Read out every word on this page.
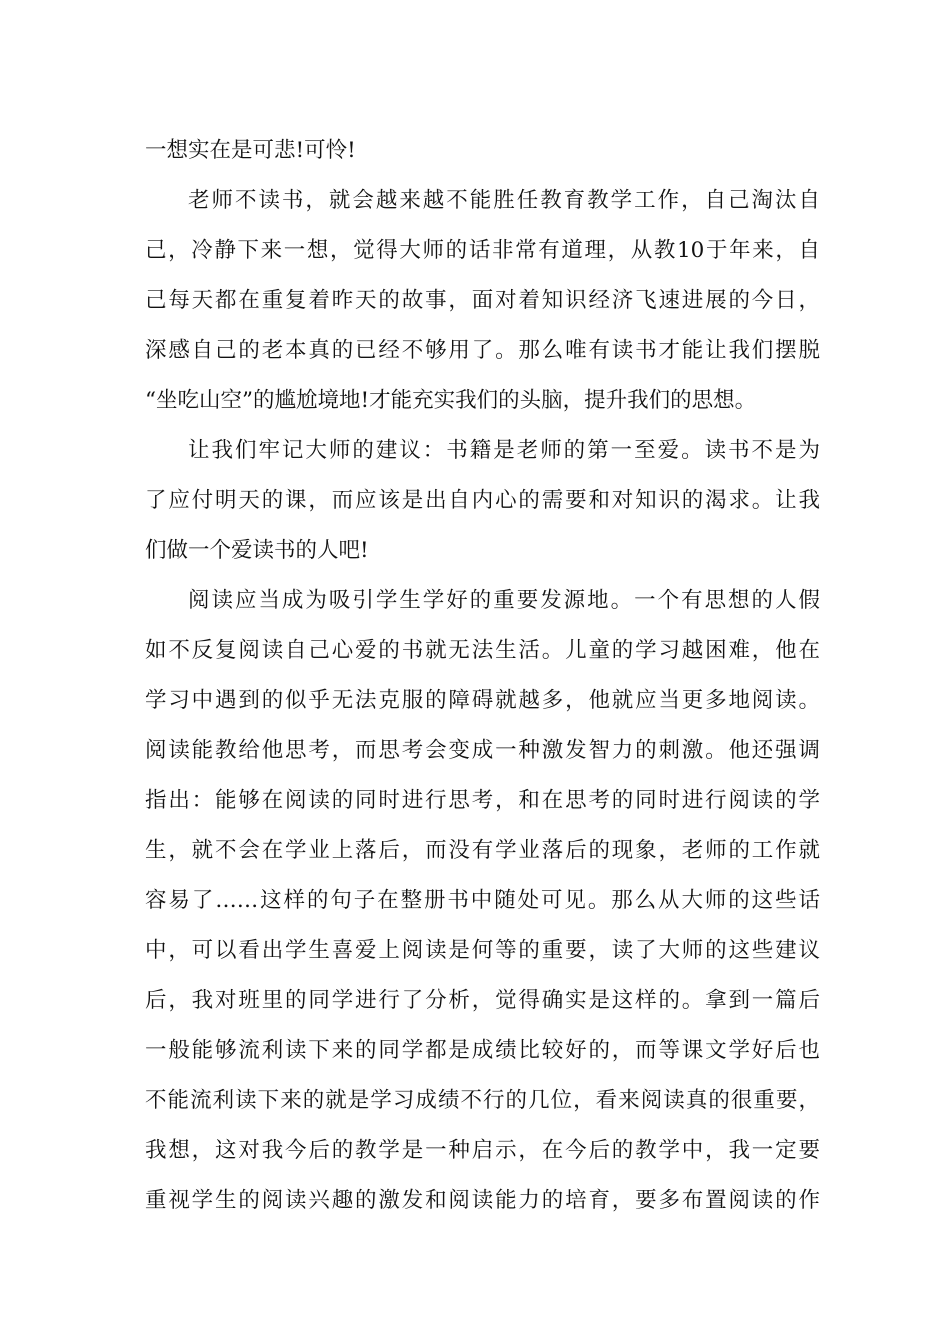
一想实在是可悲!可怜!
老师不读书，就会越来越不能胜任教育教学工作，自己淘汰自
己，冷静下来一想，觉得大师的话非常有道理，从教10于年来，自
己每天都在重复着昨天的故事，面对着知识经济飞速进展的今日，
深感自己的老本真的已经不够用了。那么唯有读书才能让我们摆脱
“坐吃山空”的尴尬境地!才能充实我们的头脑，提升我们的思想。
让我们牢记大师的建议：书籍是老师的第一至爱。读书不是为
了应付明天的课，而应该是出自内心的需要和对知识的渴求。让我
们做一个爱读书的人吧!
阅读应当成为吸引学生学好的重要发源地。一个有思想的人假
如不反复阅读自己心爱的书就无法生活。儿童的学习越困难，他在
学习中遇到的似乎无法克服的障碍就越多，他就应当更多地阅读。
阅读能教给他思考，而思考会变成一种激发智力的刺激。他还强调
指出：能够在阅读的同时进行思考，和在思考的同时进行阅读的学
生，就不会在学业上落后，而没有学业落后的现象，老师的工作就
容易了……这样的句子在整册书中随处可见。那么从大师的这些话
中，可以看出学生喜爱上阅读是何等的重要，读了大师的这些建议
后，我对班里的同学进行了分析，觉得确实是这样的。拿到一篇后
一般能够流利读下来的同学都是成绩比较好的，而等课文学好后也
不能流利读下来的就是学习成绩不行的几位，看来阅读真的很重要，
我想，这对我今后的教学是一种启示，在今后的教学中，我一定要
重视学生的阅读兴趣的激发和阅读能力的培育，要多布置阅读的作
